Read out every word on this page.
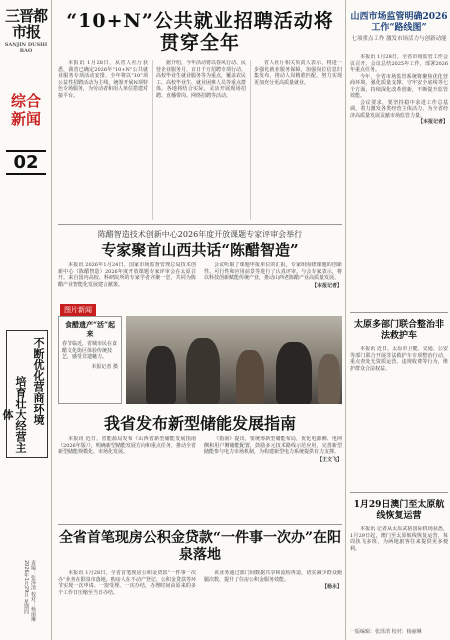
三晋都市报
SANJIN DUSHI BAO
综合新闻
02
不断优化营商环境
培育壮大经营主体
责编：张泽清 校对：杨丽琳 2026年1月29日 星期四
“10+N”公共就业招聘活动将贯穿全年

本报讯 1月28日，从省人社厅获悉，我省已确定2026年“10+N”公共就业服务专项活动安排，全年将以“10”项公益性招聘活动为主线，统筹开展N项特色专场服务，为劳动者和用人单位搭建对接平台。

据介绍，今年活动将以春风行动、民营企业服务月、百日千万招聘专项行动、高校毕业生就业服务等为重点，覆盖农民工、高校毕业生、就业困难人员等重点群体。各地将结合实际，灵活开展现场招聘、直播带岗、网络招聘等活动。

省人社厅相关负责人表示，将进一步强化就业服务保障，加强岗位信息归集发布，推动人岗精准匹配，努力实现更加充分更高质量就业。

陈醋智造技术创新中心2026年度开放课题专家评审会举行
专家聚首山西共话“陈醋智造”

本报讯 2026年1月24日，国家市场监督管理总局技术创新中心（陈醋智造）2026年度开放课题专家评审会在太原召开。来自国内高校、科研院所的专家学者齐聚一堂，共同为陈醋产业智能化发展建言献策。

会议听取了课题申报单位的汇报，专家组围绕课题的创新性、可行性和应用前景等进行了认真评审。与会专家表示，将以科技创新赋能传统产业，推动山西老陈醋产业高质量发展。

【本报记者】

图片新闻
食醋遗产“活”起来
春节临近，省城市民在食醋文化街区体验传统技艺，感受非遗魅力。
本报记者 摄
我省发布新型储能发展指南

本报讯 近日，省能源局发布《山西省新型储能发展指南（2026年版）》，明确新型储能发展方向和重点任务，推动全省新型储能规模化、市场化发展。

《指南》提出，要统筹新型储能布局，优化电源侧、电网侧和用户侧储能配置，鼓励多元技术路线示范应用，完善新型储能参与电力市场机制，为构建新型电力系统提供有力支撑。

【王文飞】

全省首笔现房公积金贷款“一件事一次办”在阳泉落地

本报讯 1月28日，全省首笔现房公积金贷款“一件事一次办”业务在阳泉市落地。购房人在不动产登记、公积金贷款等环节实现一次申请、一窗受理、一次办结，办理时间由原来的多个工作日压缩至当日办结。

该业务通过部门间数据共享和流程再造，切实减少群众跑腿次数，提升了住房公积金服务效能。

【杨永】

山西市场监管明确2026工作“路线图”
七项重点工作 激发市场活力与创新动能

本报讯 1月28日，全省市场监管工作会议召开。会议总结2025年工作，部署2026年重点任务。

今年，全省市场监管系统将聚焦优化营商环境、强化质量支撑、守牢安全底线等七个方面，持续深化改革创新，不断提升监管效能。

会议要求，要坚持稳中求进工作总基调，着力激发各类经营主体活力，为全省经济高质量发展贡献市场监管力量。

【本报记者】

太原多部门联合整治非法救护车

本报讯 近日，太原市卫健、交通、公安等部门联合开展非法救护车专项整治行动，重点查处无资质运营、违规收费等行为，维护群众合法权益。

1月29日澳门至太原航线恢复运营

本报讯 记者从太原武宿国际机场获悉，1月29日起，澳门至太原航线恢复运营，每周执飞多班，为两地旅客往来提供更多便利。

一版编辑：张泽清 校对：杨丽琳
